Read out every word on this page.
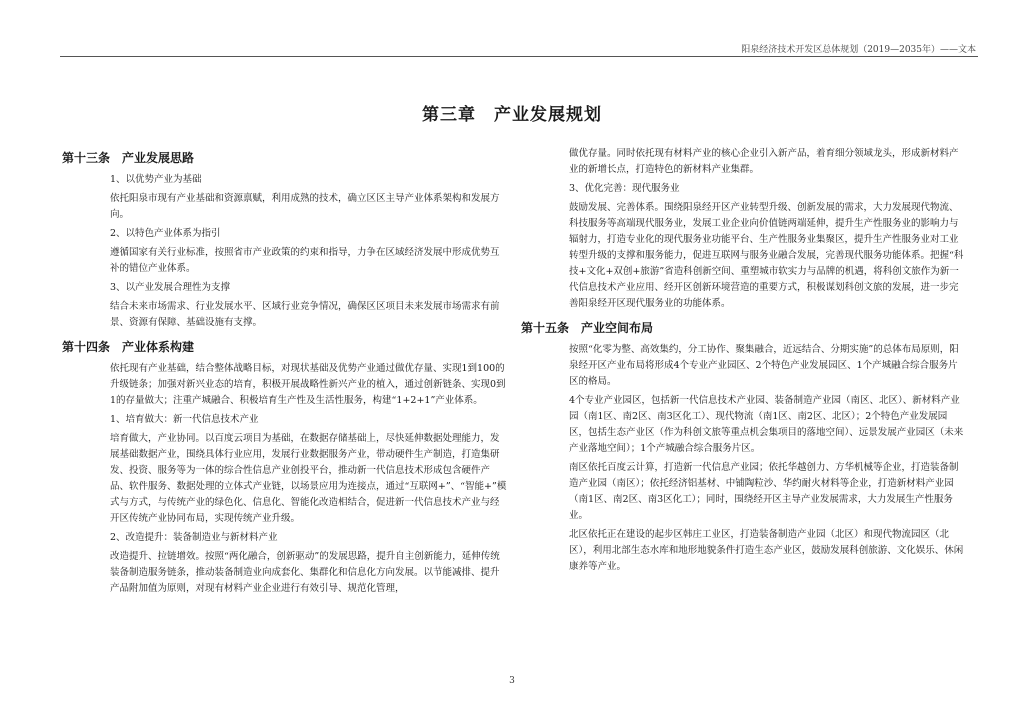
阳泉经济技术开发区总体规划（2019—2035年）——文本
第三章　产业发展规划
第十三条　产业发展思路
1、以优势产业为基础
依托阳泉市现有产业基础和资源禀赋，利用成熟的技术，确立区区主导产业体系架构和发展方向。
2、以特色产业体系为指引
遵循国家有关行业标准，按照省市产业政策的约束和指导，力争在区域经济发展中形成优势互补的错位产业体系。
3、以产业发展合理性为支撑
结合未来市场需求、行业发展水平、区域行业竞争情况，确保区区项目未来发展市场需求有前景、资源有保障、基础设施有支撑。
第十四条　产业体系构建
依托现有产业基础，结合整体战略目标，对现状基础及优势产业通过做优存量、实现1到100的升级链条；加强对新兴业态的培育，积极开展战略性新兴产业的植入，通过创新链条、实现0到1的存量做大；注重产城融合、积极培育生产性及生活性服务，构建“1+2+1”产业体系。
1、培育做大：新一代信息技术产业
培育做大，产业协同。以百度云项目为基础，在数据存储基础上，尽快延伸数据处理能力，发展基础数据产业，围绕具体行业应用，发展行业数据服务产业，带动硬件生产制造，打造集研发、投资、服务等为一体的综合性信息产业创投平台，推动新一代信息技术形成包含硬件产品、软件服务、数据处理的立体式产业链，以场景应用为连接点，通过“互联网+”、“智能+”模式与方式，与传统产业的绿色化、信息化、智能化改造相结合，促进新一代信息技术产业与经开区传统产业协同布局，实现传统产业升级。
2、改造提升：装备制造业与新材料产业
改造提升、拉链增效。按照“两化融合，创新驱动”的发展思路，提升自主创新能力，延伸传统装备制造服务链条，推动装备制造业向成套化、集群化和信息化方向发展。以节能减排、提升产品附加值为原则，对现有材料产业企业进行有效引导、规范化管理，
做优存量。同时依托现有材料产业的核心企业引入新产品，着育细分领域龙头，形成新材料产业的新增长点，打造特色的新材料产业集群。
3、优化完善：现代服务业
鼓励发展、完善体系。围绕阳泉经开区产业转型升级、创新发展的需求，大力发展现代物流、科技服务等高端现代服务业，发展工业企业向价值链两端延伸，提升生产性服务业的影响力与辐射力，打造专业化的现代服务业功能平台、生产性服务业集聚区，提升生产性服务业对工业转型升级的支撑和服务能力，促进互联网与服务业融合发展，完善现代服务功能体系。把握“科技+文化+双创+旅游”省造科创新空间、重塑城市软实力与品牌的机遇，将科创文旅作为新一代信息技术产业应用、经开区创新环境营造的重要方式，积极谋划科创文旅的发展，进一步完善阳泉经开区现代服务业的功能体系。
第十五条　产业空间布局
按照“化零为整、高效集约，分工协作、聚集融合，近远结合、分期实施”的总体布局原则，阳泉经开区产业布局将形成4个专业产业园区、2个特色产业发展园区、1个产城融合综合服务片区的格局。
4个专业产业园区，包括新一代信息技术产业园、装备制造产业园（南区、北区）、新材料产业园（南1区、南2区、南3区化工）、现代物流（南1区、南2区、北区）；2个特色产业发展园区，包括生态产业区（作为科创文旅等重点机会集项目的落地空间）、远景发展产业园区（未来产业落地空间）；1个产城融合综合服务片区。
南区依托百度云计算，打造新一代信息产业园；依托华越创力、方华机械等企业，打造装备制造产业园（南区）；依托经济铝基材、中铺陶粒沙、华约耐火材料等企业，打造新材料产业园（南1区、南2区、南3区化工）；同时，围绕经开区主导产业发展需求，大力发展生产性服务业。
北区依托正在建设的起步区韩庄工业区，打造装备制造产业园（北区）和现代物流园区（北区），利用北部生态水库和地形地貌条件打造生态产业区，鼓励发展科创旅游、文化娱乐、休闲康养等产业。
3
